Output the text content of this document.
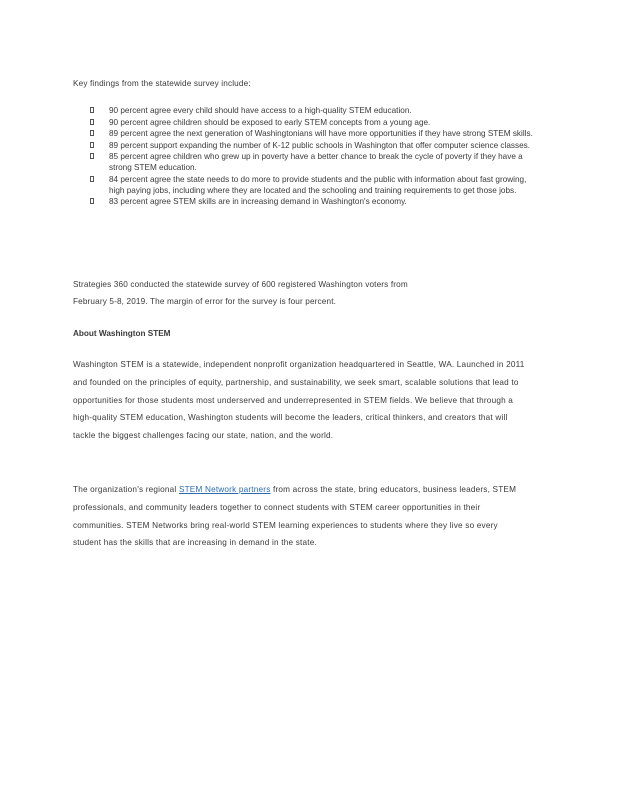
Key findings from the statewide survey include:
90 percent agree every child should have access to a high-quality STEM education.
90 percent agree children should be exposed to early STEM concepts from a young age.
89 percent agree the next generation of Washingtonians will have more opportunities if they have strong STEM skills.
89 percent support expanding the number of K-12 public schools in Washington that offer computer science classes.
85 percent agree children who grew up in poverty have a better chance to break the cycle of poverty if they have a strong STEM education.
84 percent agree the state needs to do more to provide students and the public with information about fast growing, high paying jobs, including where they are located and the schooling and training requirements to get those jobs.
83 percent agree STEM skills are in increasing demand in Washington's economy.
Strategies 360 conducted the statewide survey of 600 registered Washington voters from
February 5-8, 2019. The margin of error for the survey is four percent.
About Washington STEM
Washington STEM is a statewide, independent nonprofit organization headquartered in Seattle, WA. Launched in 2011 and founded on the principles of equity, partnership, and sustainability, we seek smart, scalable solutions that lead to opportunities for those students most underserved and underrepresented in STEM fields. We believe that through a high-quality STEM education, Washington students will become the leaders, critical thinkers, and creators that will tackle the biggest challenges facing our state, nation, and the world.
The organization's regional STEM Network partners from across the state, bring educators, business leaders, STEM professionals, and community leaders together to connect students with STEM career opportunities in their communities. STEM Networks bring real-world STEM learning experiences to students where they live so every student has the skills that are increasing in demand in the state.
